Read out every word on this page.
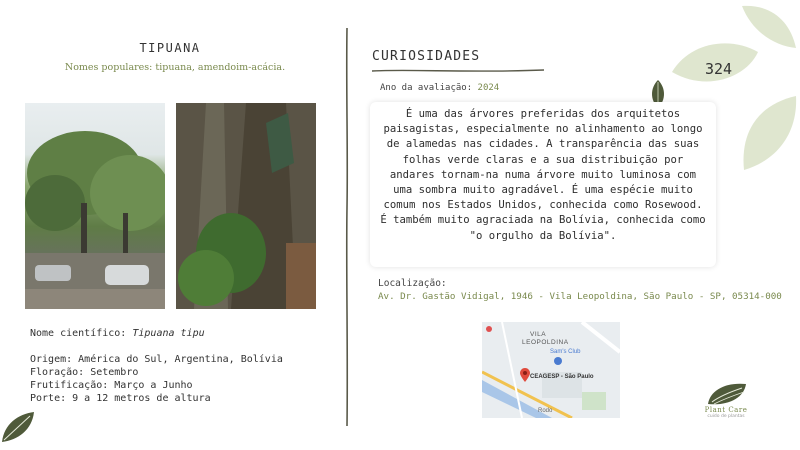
324
TIPUANA
Nomes populares: tipuana, amendoim-acácia.
Nome científico: Tipuana tipu
Origem: América do Sul, Argentina, Bolívia
Floração: Setembro
Frutificação: Março a Junho
Porte: 9 a 12 metros de altura
CURIOSIDADES
Ano da avaliação: 2024

É uma das árvores preferidas dos arquitetos paisagistas, especialmente no alinhamento ao longo de alamedas nas cidades. A transparência das suas folhas verde claras e a sua distribuição por andares tornam-na numa árvore muito luminosa com uma sombra muito agradável. É uma espécie muito comum nos Estados Unidos, conhecida como Rosewood. É também muito agraciada na Bolívia, conhecida como "o orgulho da Bolívia".

Localização:
Av. Dr. Gastão Vidigal, 1946 - Vila Leopoldina, São Paulo - SP, 05314-000
VILA
LEOPOLDINA
Sam's Club
CEAGESP - São Paulo
Rodo	Plant Care
cuido de plantas
